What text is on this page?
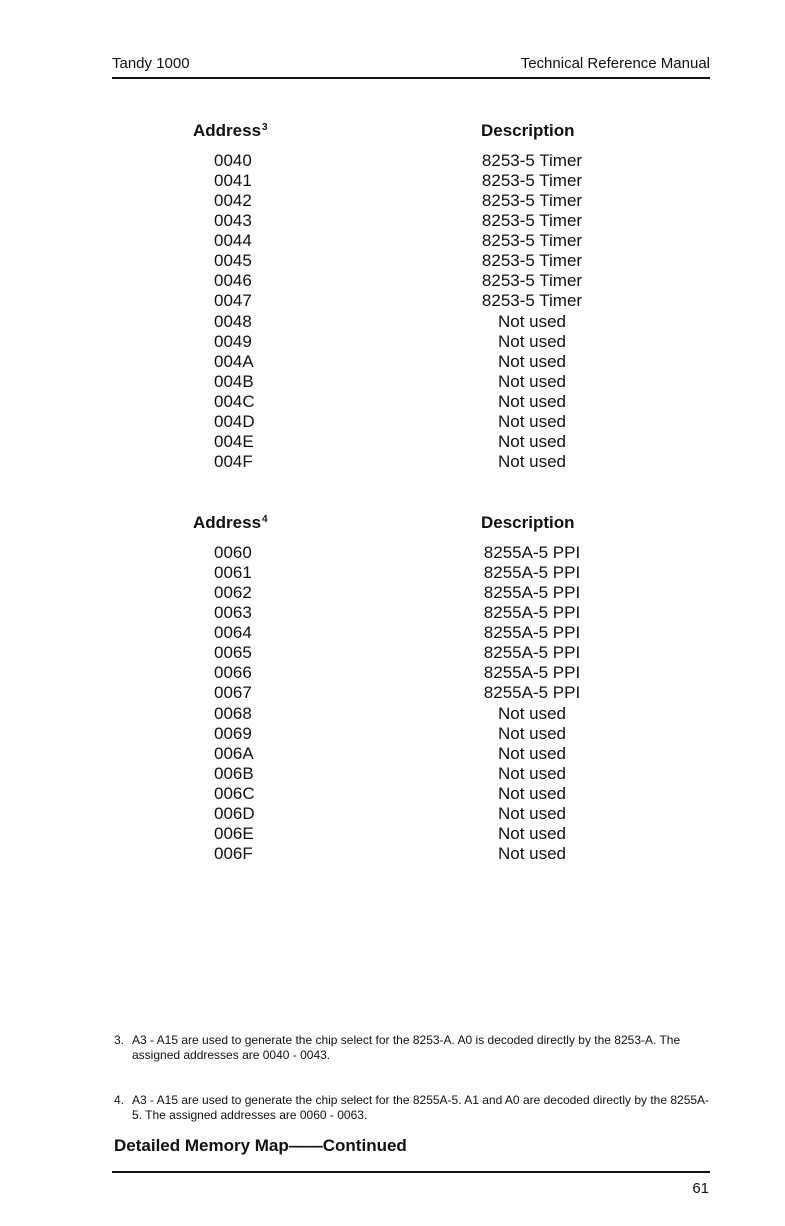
Tandy 1000	Technical Reference Manual
Address$^3$	Description
0040	8253-5 Timer
0041	8253-5 Timer
0042	8253-5 Timer
0043	8253-5 Timer
0044	8253-5 Timer
0045	8253-5 Timer
0046	8253-5 Timer
0047	8253-5 Timer
0048	Not used
0049	Not used
004A	Not used
004B	Not used
004C	Not used
004D	Not used
004E	Not used
004F	Not used
Address$^4$	Description
0060	8255A-5 PPI
0061	8255A-5 PPI
0062	8255A-5 PPI
0063	8255A-5 PPI
0064	8255A-5 PPI
0065	8255A-5 PPI
0066	8255A-5 PPI
0067	8255A-5 PPI
0068	Not used
0069	Not used
006A	Not used
006B	Not used
006C	Not used
006D	Not used
006E	Not used
006F	Not used
3. A3 - A15 are used to generate the chip select for the 8253-A. A0 is decoded directly by the 8253-A. The assigned addresses are 0040 - 0043.
4. A3 - A15 are used to generate the chip select for the 8255A-5. A1 and A0 are decoded directly by the 8255A-5. The assigned addresses are 0060 - 0063.
Detailed Memory Map——Continued
61
